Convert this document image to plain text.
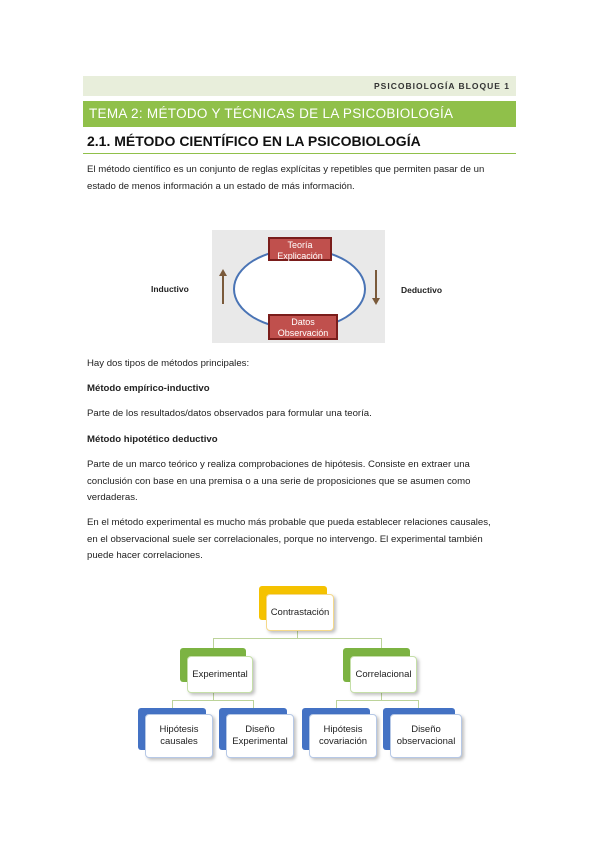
PSICOBIOLOGÍA BLOQUE 1
TEMA 2: MÉTODO Y TÉCNICAS DE LA PSICOBIOLOGÍA
2.1. MÉTODO CIENTÍFICO EN LA PSICOBIOLOGÍA
El método científico es un conjunto de reglas explícitas y repetibles que permiten pasar de un
estado de menos información a un estado de más información.
Teoría
Explicación
Datos
Observación
Inductivo	Deductivo
Hay dos tipos de métodos principales:
Método empírico-inductivo
Parte de los resultados/datos observados para formular una teoría.
Método hipotético deductivo
Parte de un marco teórico y realiza comprobaciones de hipótesis. Consiste en extraer una
conclusión con base en una premisa o a una serie de proposiciones que se asumen como
verdaderas.
En el método experimental es mucho más probable que pueda establecer relaciones causales,
en el observacional suele ser correlacionales, porque no intervengo. El experimental también
puede hacer correlaciones.
Contrastación
Experimental	Correlacional
Hipótesis
causales
Diseño
Experimental
Hipótesis
covariación
Diseño
observacional
